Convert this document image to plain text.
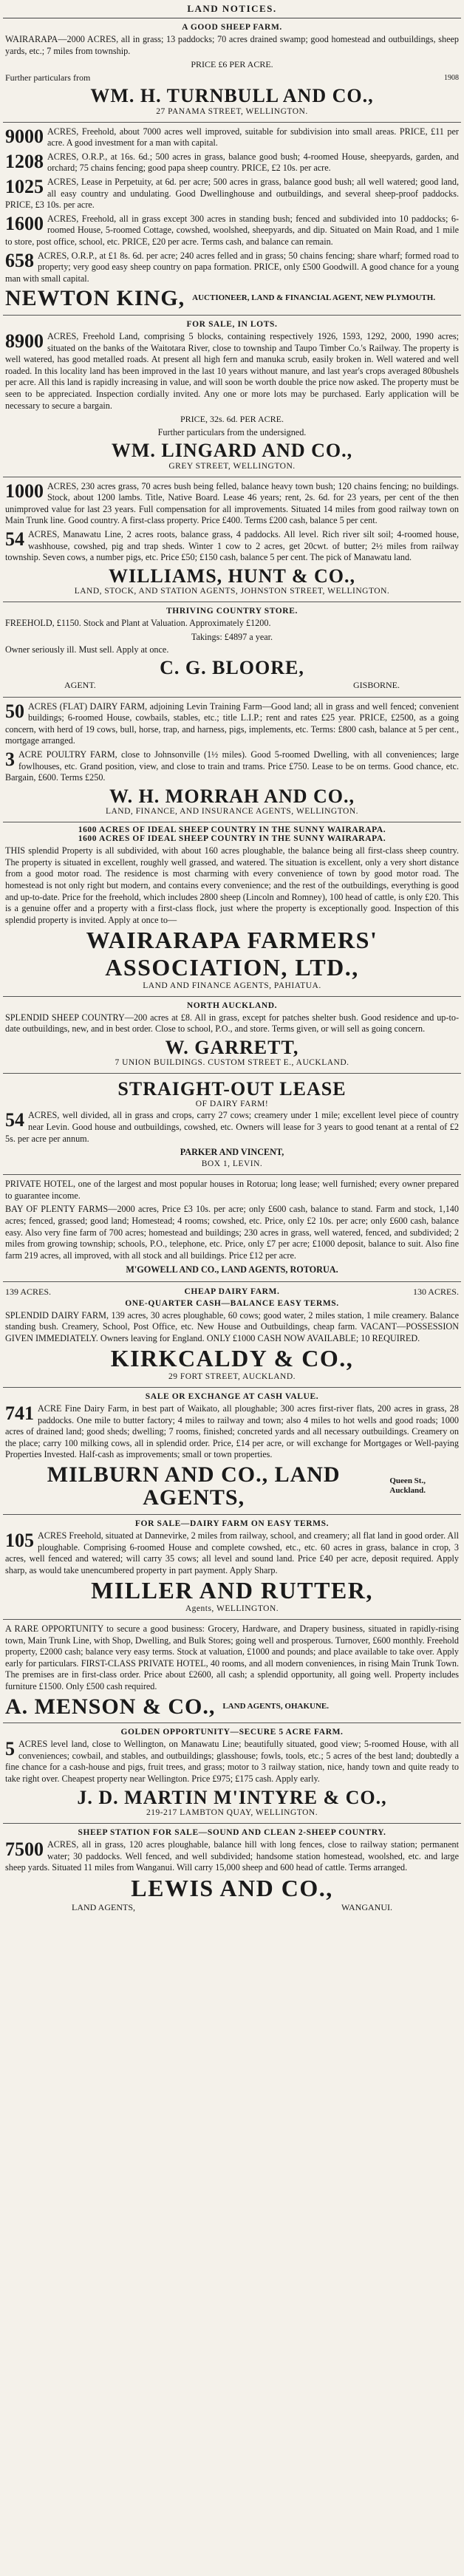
LAND NOTICES.
A GOOD SHEEP FARM.
WAIRARAPA—2000 ACRES, all in grass; 13 paddocks; 70 acres drained swamp; good homestead and outbuildings, sheep yards, etc.; 7 miles from township.
PRICE £6 PER ACRE.
Further particulars from	1908
WM. H. TURNBULL AND CO.,
27 PANAMA STREET, WELLINGTON.
9000 ACRES, Freehold, about 7000 acres well improved, suitable for subdivision into small areas. PRICE, £11 per acre. A good investment for a man with capital.
1208 ACRES, O.R.P., at 16s. 6d.; 500 acres in grass, balance good bush; 4-roomed House, sheepyards, garden, and orchard; 75 chains fencing; good papa sheep country. PRICE, £2 10s. per acre.
1025 ACRES, Lease in Perpetuity, at 6d. per acre; 500 acres in grass, balance good bush; all well watered; good land, all easy country and undulating. Good Dwellinghouse and outbuildings, and several sheep-proof paddocks. PRICE, £3 10s. per acre.
1600 ACRES, Freehold, all in grass except 300 acres in standing bush; fenced and subdivided into 10 paddocks; 6-roomed House, 5-roomed Cottage, cowshed, woolshed, sheepyards, and dip. Situated on Main Road, and 1 mile to store, post office, school, etc. PRICE, £20 per acre. Terms cash, and balance can remain.
658 ACRES, O.R.P., at £1 8s. 6d. per acre; 240 acres felled and in grass; 50 chains fencing; share wharf; formed road to property; very good easy sheep country on papa formation. PRICE, only £500 Goodwill. A good chance for a young man with small capital.
NEWTON KING, AUCTIONEER, LAND & FINANCIAL AGENT, NEW PLYMOUTH.
FOR SALE, IN LOTS.
8900 ACRES, Freehold Land, comprising 5 blocks, containing respectively 1926, 1593, 1292, 2000, 1990 acres; situated on the banks of the Waitotara River, close to township and Taupo Timber Co.'s Railway. The property is well watered, has good metalled roads. At present all high fern and manuka scrub, easily broken in. Well watered and well roaded. In this locality land has been improved in the last 10 years without manure, and last year's crops averaged 80bushels per acre. All this land is rapidly increasing in value, and will soon be worth double the price now asked. The property must be seen to be appreciated. Inspection cordially invited. Any one or more lots may be purchased. Early application will be necessary to secure a bargain.
PRICE, 32s. 6d. PER ACRE.
Further particulars from the undersigned.
WM. LINGARD AND CO.,
GREY STREET, WELLINGTON.
1000 ACRES, 230 acres grass, 70 acres bush being felled, balance heavy town bush; 120 chains fencing; no buildings. Stock, about 1200 lambs. Title, Native Board. Lease 46 years; rent, 2s. 6d. for 23 years, per cent of the then unimproved value for last 23 years. Full compensation for all improvements. Situated 14 miles from good railway town on Main Trunk line. Good country. A first-class property. Price £400. Terms £200 cash, balance 5 per cent.
54 ACRES, Manawatu Line, 2 acres roots, balance grass, 4 paddocks. All level. Rich river silt soil; 4-roomed house, washhouse, cowshed, pig and trap sheds. Winter 1 cow to 2 acres, get 20cwt. of butter; 2½ miles from railway township. Seven cows, a number pigs, etc. Price £50; £150 cash, balance 5 per cent. The pick of Manawatu land.
WILLIAMS, HUNT & CO.,
LAND, STOCK, AND STATION AGENTS, JOHNSTON STREET, WELLINGTON.
THRIVING COUNTRY STORE.
FREEHOLD, £1150. Stock and Plant at Valuation. Approximately £1200.
Takings: £4897 a year.
Owner seriously ill. Must sell. Apply at once.
C. G. BLOORE,
AGENT.	GISBORNE.
50 ACRES (FLAT) DAIRY FARM, adjoining Levin Training Farm—Good land; all in grass and well fenced; convenient buildings; 6-roomed House, cowbails, stables, etc.; title L.I.P.; rent and rates £25 year. PRICE, £2500, as a going concern, with herd of 19 cows, bull, horse, trap, and harness, pigs, implements, etc. Terms: £800 cash, balance at 5 per cent., mortgage arranged.
3 ACRE POULTRY FARM, close to Johnsonville (1½ miles). Good 5-roomed Dwelling, with all conveniences; large fowlhouses, etc. Grand position, view, and close to train and trams. Price £750. Lease to be on terms. Good chance, etc. Bargain, £600. Terms £250.
W. H. MORRAH AND CO.,
LAND, FINANCE, AND INSURANCE AGENTS, WELLINGTON.
1600 ACRES OF IDEAL SHEEP COUNTRY IN THE SUNNY WAIRARAPA.
1600 ACRES OF IDEAL SHEEP COUNTRY IN THE SUNNY WAIRARAPA.
THIS splendid Property is all subdivided, with about 160 acres ploughable, the balance being all first-class sheep country. The property is situated in excellent, roughly well grassed, and watered. The situation is excellent, only a very short distance from a good motor road. The residence is most charming with every convenience of town by good motor road. The homestead is not only right but modern, and contains every convenience; and the rest of the outbuildings, everything is good and up-to-date. Price for the freehold, which includes 2800 sheep (Lincoln and Romney), 100 head of cattle, is only £20. This is a genuine offer and a property with a first-class flock, just where the property is exceptionally good. Inspection of this splendid property is invited. Apply at once to—
WAIRARAPA FARMERS'
ASSOCIATION, LTD.,
LAND AND FINANCE AGENTS, PAHIATUA.
NORTH AUCKLAND.
SPLENDID SHEEP COUNTRY—200 acres at £8. All in grass, except for patches shelter bush. Good residence and up-to-date outbuildings, new, and in best order. Close to school, P.O., and store. Terms given, or will sell as going concern.
W. GARRETT,
7 UNION BUILDINGS. CUSTOM STREET E., AUCKLAND.
STRAIGHT-OUT LEASE
OF DAIRY FARM!
54 ACRES, well divided, all in grass and crops, carry 27 cows; creamery under 1 mile; excellent level piece of country near Levin. Good house and outbuildings, cowshed, etc. Owners will lease for 3 years to good tenant at a rental of £2 5s. per acre per annum.
PARKER AND VINCENT,
BOX 1, LEVIN.
PRIVATE HOTEL, one of the largest and most popular houses in Rotorua; long lease; well furnished; every owner prepared to guarantee income.
BAY OF PLENTY FARMS—2000 acres, Price £3 10s. per acre; only £600 cash, balance to stand. Farm and stock, 1,140 acres; fenced, grassed; good land; Homestead; 4 rooms; cowshed, etc. Price, only £2 10s. per acre; only £600 cash, balance easy. Also very fine farm of 700 acres; homestead and buildings; 230 acres in grass, well watered, fenced, and subdivided; 2 miles from growing township; schools, P.O., telephone, etc. Price, only £7 per acre; £1000 deposit, balance to suit. Also fine farm 219 acres, all improved, with all stock and all buildings. Price £12 per acre.
M'GOWELL AND CO., LAND AGENTS, ROTORUA.
139 ACRES.	CHEAP DAIRY FARM.	130 ACRES.
ONE-QUARTER CASH—BALANCE EASY TERMS.
SPLENDID DAIRY FARM, 139 acres, 30 acres ploughable, 60 cows; good water, 2 miles station, 1 mile creamery. Balance standing bush. Creamery, School, Post Office, etc. New House and Outbuildings, cheap farm. VACANT—POSSESSION GIVEN IMMEDIATELY. Owners leaving for England. ONLY £1000 CASH NOW AVAILABLE; 10 REQUIRED.
KIRKCALDY & CO.,
29 FORT STREET, AUCKLAND.
SALE OR EXCHANGE AT CASH VALUE.
741 ACRE Fine Dairy Farm, in best part of Waikato, all ploughable; 300 acres first-river flats, 200 acres in grass, 28 paddocks. One mile to butter factory; 4 miles to railway and town; also 4 miles to hot wells and good roads; 1000 acres of drained land; good sheds; dwelling; 7 rooms, finished; concreted yards and all necessary outbuildings. Creamery on the place; carry 100 milking cows, all in splendid order. Price, £14 per acre, or will exchange for Mortgages or Well-paying Properties Invested. Half-cash as improvements; small or town properties.
MILBURN AND CO., LAND AGENTS,
Queen St., Auckland.
FOR SALE—DAIRY FARM ON EASY TERMS.
105 ACRES Freehold, situated at Dannevirke, 2 miles from railway, school, and creamery; all flat land in good order. All ploughable. Comprising 6-roomed House and complete cowshed, etc., etc. 60 acres in grass, balance in crop, 3 acres, well fenced and watered; will carry 35 cows; all level and sound land. Price £40 per acre, deposit required. Apply sharp, as would take unencumbered property in part payment. Apply Sharp.
MILLER AND RUTTER,
Agents, WELLINGTON.
A RARE OPPORTUNITY to secure a good business: Grocery, Hardware, and Drapery business, situated in rapidly-rising town, Main Trunk Line, with Shop, Dwelling, and Bulk Stores; going well and prosperous. Turnover, £600 monthly. Freehold property, £2000 cash; balance very easy terms. Stock at valuation, £1000 and pounds; and place available to take over. Apply early for particulars. FIRST-CLASS PRIVATE HOTEL, 40 rooms, and all modern conveniences, in rising Main Trunk Town. The premises are in first-class order. Price about £2600, all cash; a splendid opportunity, all going well. Property includes furniture £1500. Only £500 cash required.
A. MENSON & CO., LAND AGENTS, OHAKUNE.
GOLDEN OPPORTUNITY—SECURE 5 ACRE FARM.
5 ACRES level land, close to Wellington, on Manawatu Line; beautifully situated, good view; 5-roomed House, with all conveniences; cowbail, and stables, and outbuildings; glasshouse; fowls, tools, etc.; 5 acres of the best land; doubtedly a fine chance for a cash-house and pigs, fruit trees, and grass; motor to 3 railway station, nice, handy town and quite ready to take right over. Cheapest property near Wellington. Price £975; £175 cash. Apply early.
J. D. MARTIN M'INTYRE & CO.,
219-217 LAMBTON QUAY, WELLINGTON.
SHEEP STATION FOR SALE—SOUND AND CLEAN 2-SHEEP COUNTRY.
7500 ACRES, all in grass, 120 acres ploughable, balance hill with long fences, close to railway station; permanent water; 30 paddocks. Well fenced, and well subdivided; handsome station homestead, woolshed, etc. and large sheep yards. Situated 11 miles from Wanganui. Will carry 15,000 sheep and 600 head of cattle. Terms arranged.
LEWIS AND CO.,
LAND AGENTS,	WANGANUI.
